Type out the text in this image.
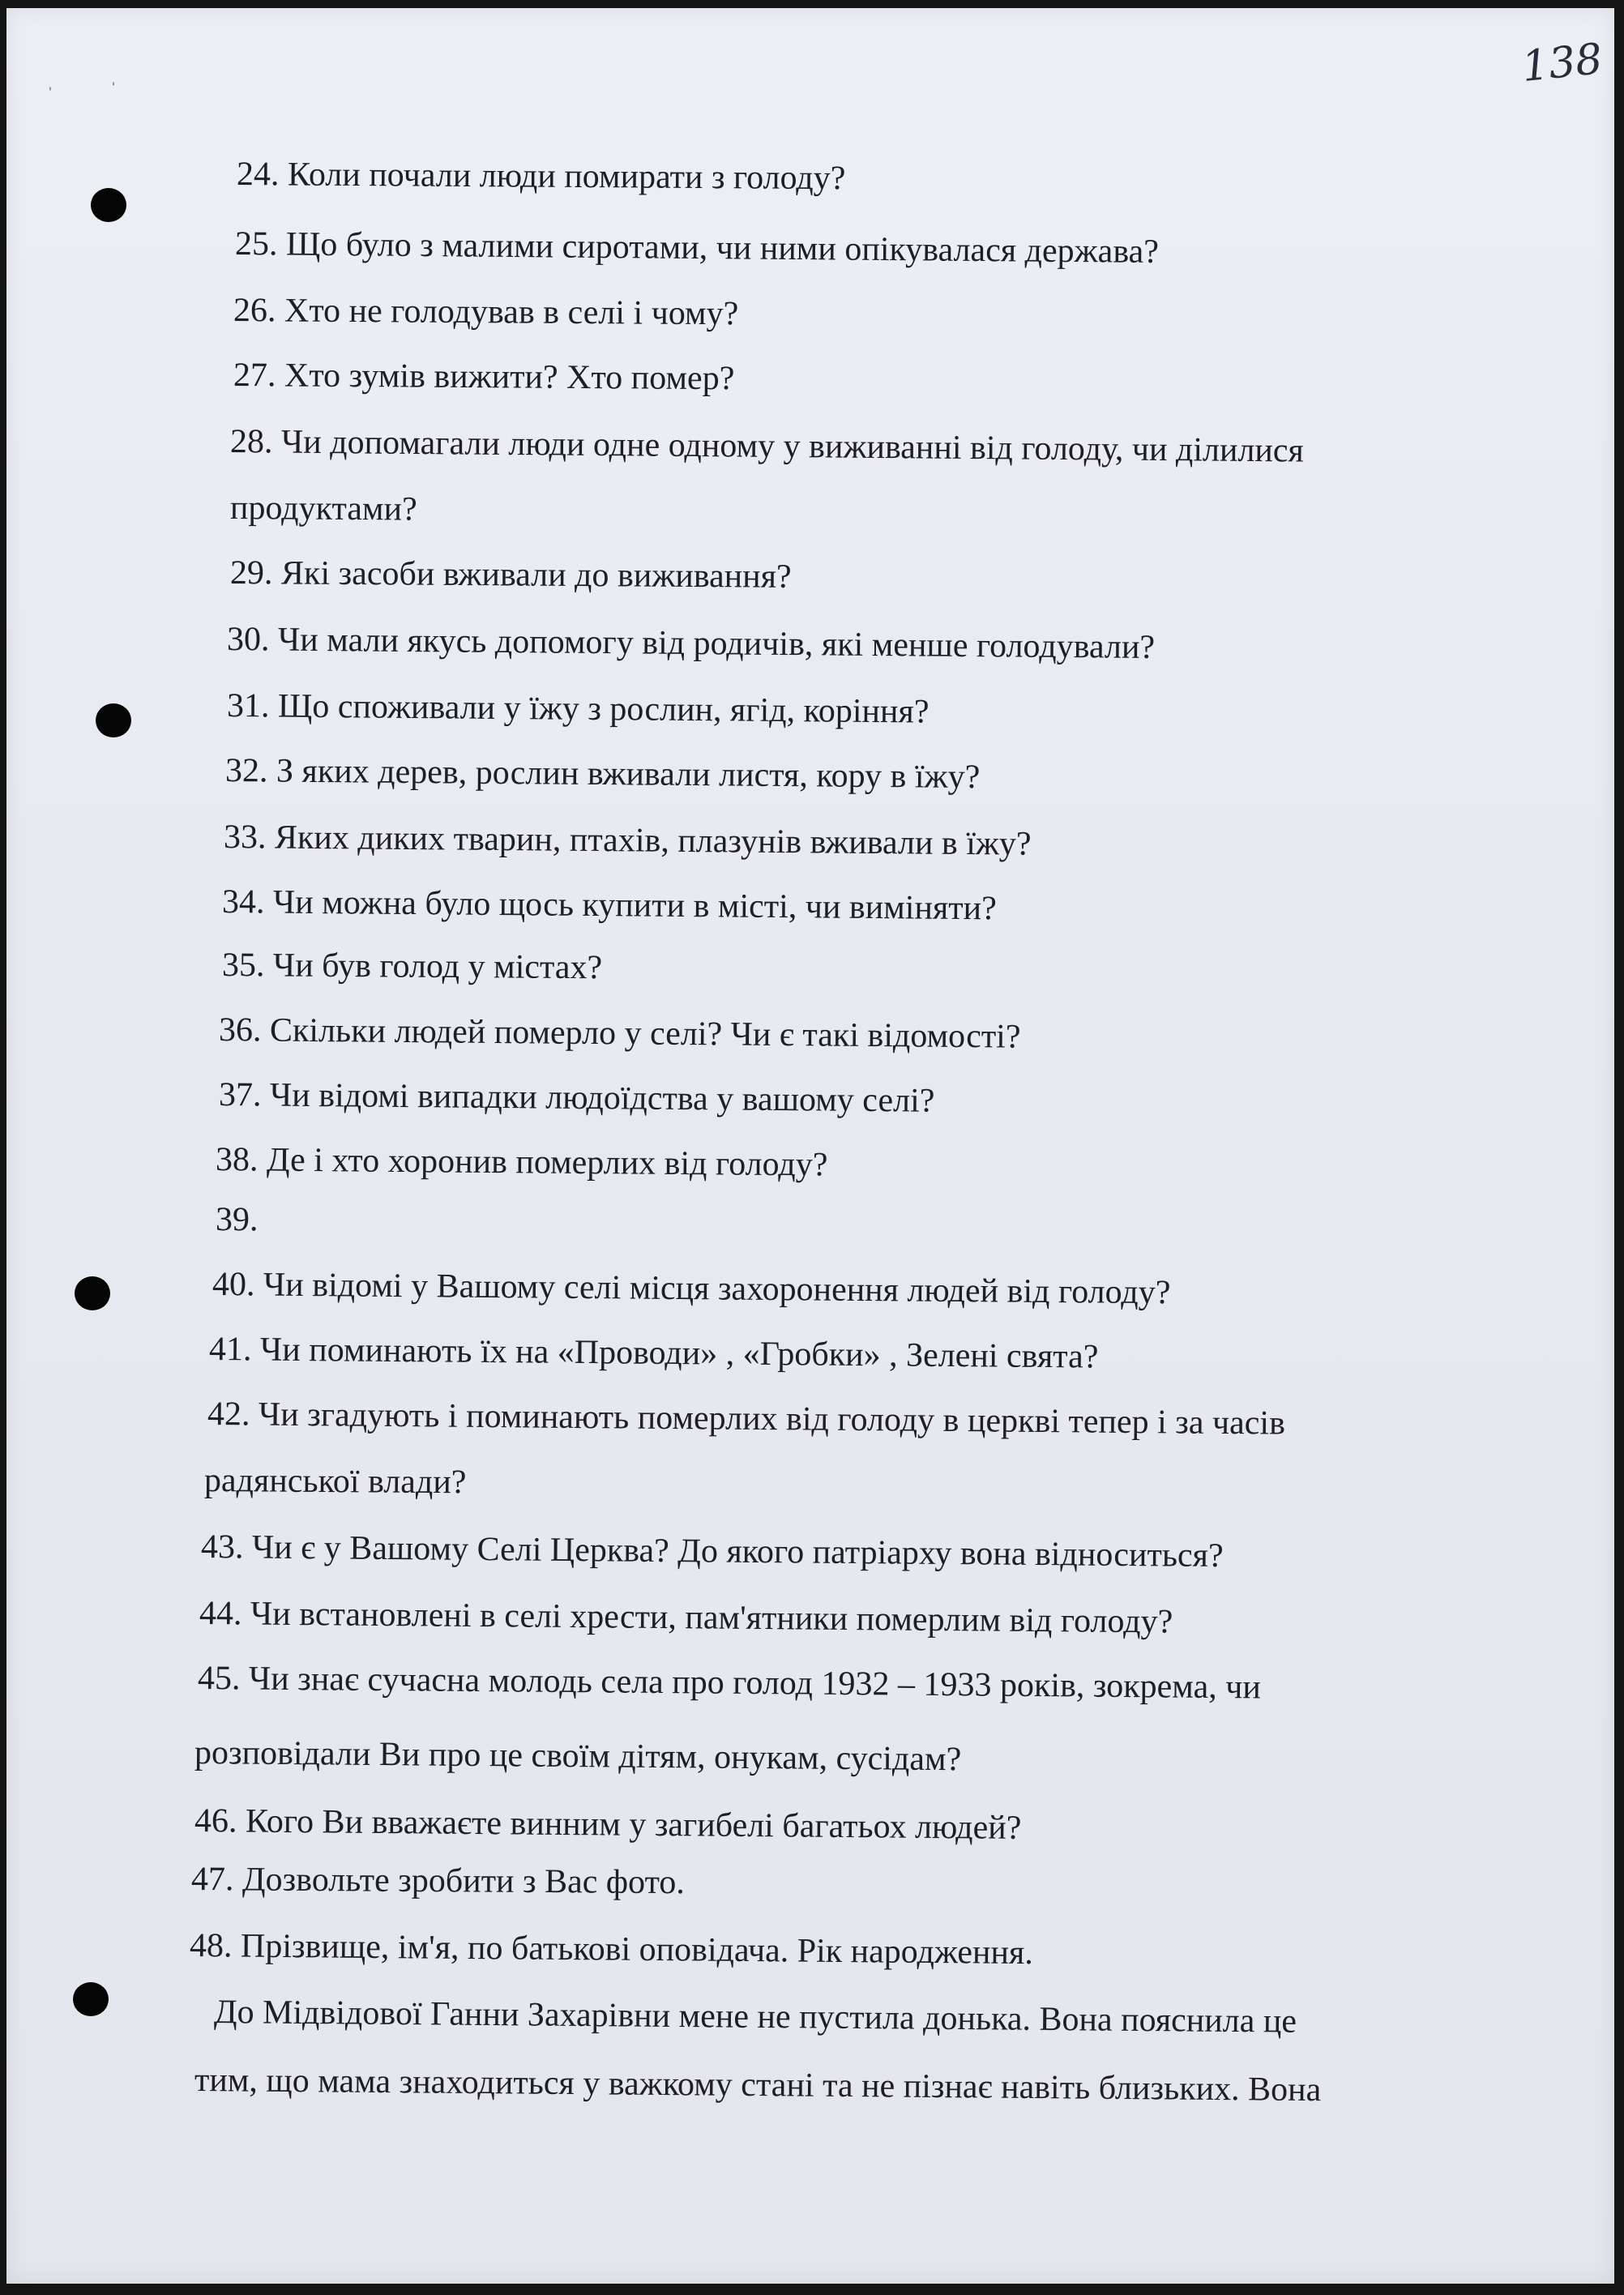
138
'	'
24. Коли почали люди помирати з голоду?
25. Що було з малими сиротами, чи ними опікувалася держава?
26. Хто не голодував в селі і чому?
27. Хто зумів вижити? Хто помер?
28. Чи допомагали люди одне одному у виживанні від голоду, чи ділилися
продуктами?
29. Які засоби вживали до виживання?
30. Чи мали якусь допомогу від родичів, які менше голодували?
31. Що споживали у їжу з рослин, ягід, коріння?
32. З яких дерев, рослин вживали листя, кору в їжу?
33. Яких диких тварин, птахів, плазунів вживали в їжу?
34. Чи можна було щось купити в місті, чи виміняти?
35. Чи був голод у містах?
36. Скільки людей померло у селі? Чи є такі відомості?
37. Чи відомі випадки людоїдства у вашому селі?
38. Де і хто хоронив померлих від голоду?
39.
40. Чи відомі у Вашому селі місця захоронення людей від голоду?
41. Чи поминають їх на «Проводи» , «Гробки» , Зелені свята?
42. Чи згадують і поминають померлих від голоду в церкві тепер і за часів
радянської влади?
43. Чи є у Вашому Селі Церква? До якого патріарху вона відноситься?
44. Чи встановлені в селі хрести, пам'ятники померлим від голоду?
45. Чи знає сучасна молодь села про голод 1932 – 1933 років, зокрема, чи
розповідали Ви про це своїм дітям, онукам, сусідам?
46. Кого Ви вважаєте винним у загибелі багатьох людей?
47. Дозвольте зробити з Вас фото.
48. Прізвище, ім'я, по батькові оповідача. Рік народження.
До Мідвідової Ганни Захарівни мене не пустила донька. Вона пояснила це
тим, що мама знаходиться у важкому стані та не пізнає навіть близьких. Вона
